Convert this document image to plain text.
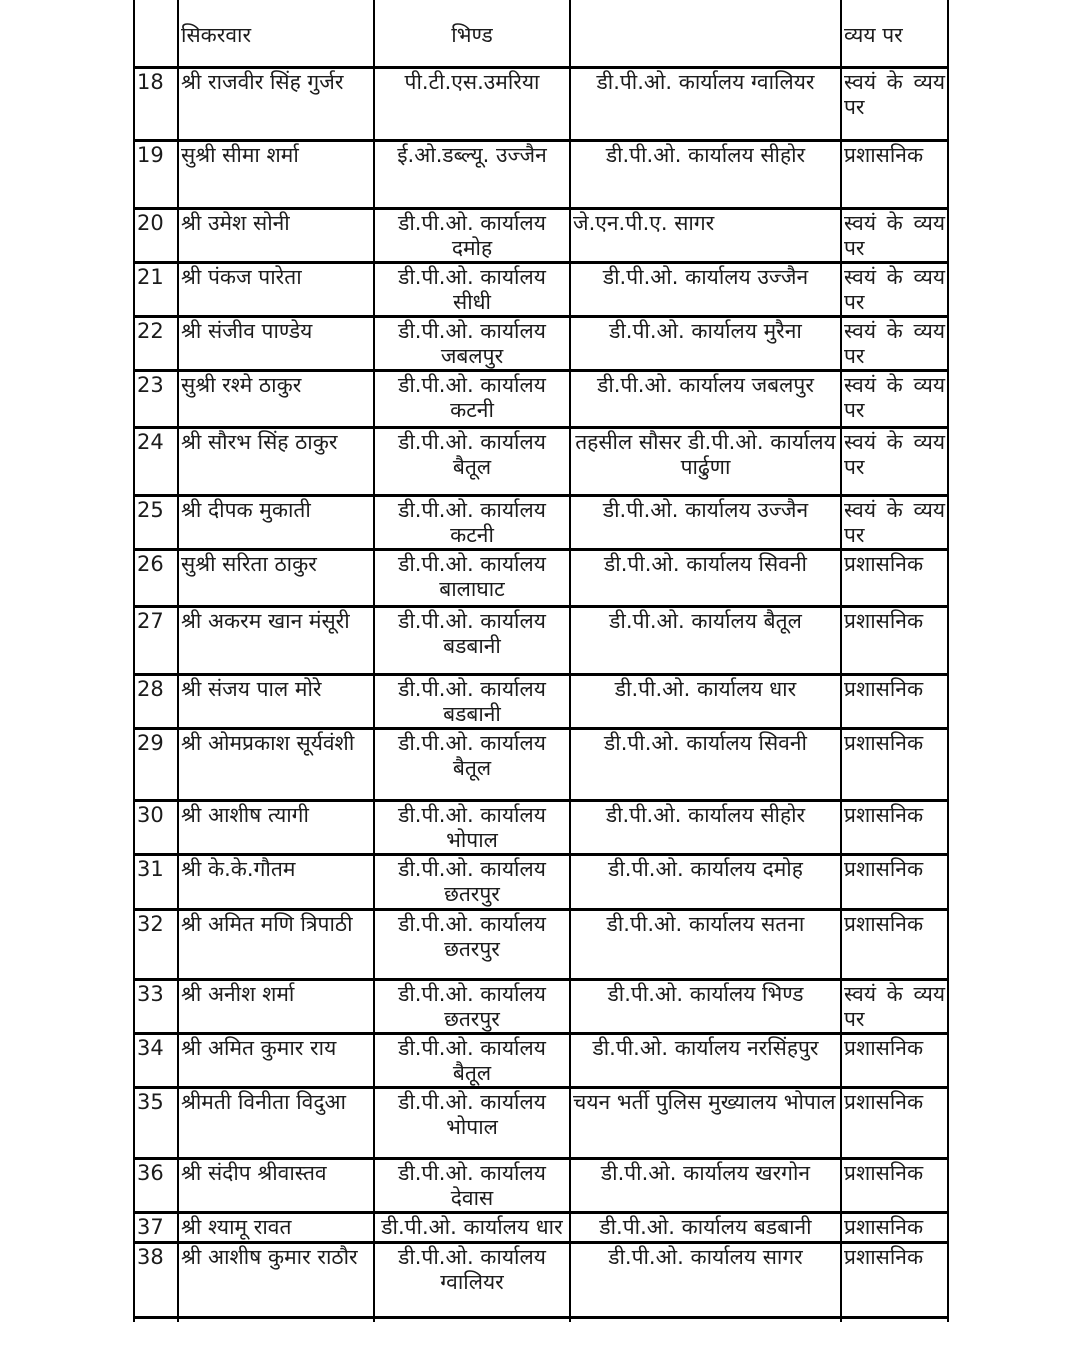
	सिकरवार	भिण्ड		व्यय पर
18	श्री राजवीर सिंह गुर्जर	पी.टी.एस.उमरिया	डी.पी.ओ. कार्यालय ग्वालियर	स्वयं के व्यय पर
19	सुश्री सीमा शर्मा	ई.ओ.डब्ल्यू. उज्जैन	डी.पी.ओ. कार्यालय सीहोर	प्रशासनिक
20	श्री उमेश सोनी	डी.पी.ओ. कार्यालय दमोह	जे.एन.पी.ए. सागर	स्वयं के व्यय पर
21	श्री पंकज पारेता	डी.पी.ओ. कार्यालय सीधी	डी.पी.ओ. कार्यालय उज्जैन	स्वयं के व्यय पर
22	श्री संजीव पाण्डेय	डी.पी.ओ. कार्यालय जबलपुर	डी.पी.ओ. कार्यालय मुरैना	स्वयं के व्यय पर
23	सुश्री रश्मे ठाकुर	डी.पी.ओ. कार्यालय कटनी	डी.पी.ओ. कार्यालय जबलपुर	स्वयं के व्यय पर
24	श्री सौरभ सिंह ठाकुर	डी.पी.ओ. कार्यालय बैतूल	तहसील सौसर डी.पी.ओ. कार्यालय पार्ढुणा	स्वयं के व्यय पर
25	श्री दीपक मुकाती	डी.पी.ओ. कार्यालय कटनी	डी.पी.ओ. कार्यालय उज्जैन	स्वयं के व्यय पर
26	सुश्री सरिता ठाकुर	डी.पी.ओ. कार्यालय बालाघाट	डी.पी.ओ. कार्यालय सिवनी	प्रशासनिक
27	श्री अकरम खान मंसूरी	डी.पी.ओ. कार्यालय बडबानी	डी.पी.ओ. कार्यालय बैतूल	प्रशासनिक
28	श्री संजय पाल मोरे	डी.पी.ओ. कार्यालय बडबानी	डी.पी.ओ. कार्यालय धार	प्रशासनिक
29	श्री ओमप्रकाश सूर्यवंशी	डी.पी.ओ. कार्यालय बैतूल	डी.पी.ओ. कार्यालय सिवनी	प्रशासनिक
30	श्री आशीष त्यागी	डी.पी.ओ. कार्यालय भोपाल	डी.पी.ओ. कार्यालय सीहोर	प्रशासनिक
31	श्री के.के.गौतम	डी.पी.ओ. कार्यालय छतरपुर	डी.पी.ओ. कार्यालय दमोह	प्रशासनिक
32	श्री अमित मणि त्रिपाठी	डी.पी.ओ. कार्यालय छतरपुर	डी.पी.ओ. कार्यालय सतना	प्रशासनिक
33	श्री अनीश शर्मा	डी.पी.ओ. कार्यालय छतरपुर	डी.पी.ओ. कार्यालय भिण्ड	स्वयं के व्यय पर
34	श्री अमित कुमार राय	डी.पी.ओ. कार्यालय बैतूल	डी.पी.ओ. कार्यालय नरसिंहपुर	प्रशासनिक
35	श्रीमती विनीता विदुआ	डी.पी.ओ. कार्यालय भोपाल	चयन भर्ती पुलिस मुख्यालय भोपाल	प्रशासनिक
36	श्री संदीप श्रीवास्तव	डी.पी.ओ. कार्यालय देवास	डी.पी.ओ. कार्यालय खरगोन	प्रशासनिक
37	श्री श्यामू रावत	डी.पी.ओ. कार्यालय धार	डी.पी.ओ. कार्यालय बडबानी	प्रशासनिक
38	श्री आशीष कुमार राठौर	डी.पी.ओ. कार्यालय ग्वालियर	डी.पी.ओ. कार्यालय सागर	प्रशासनिक
